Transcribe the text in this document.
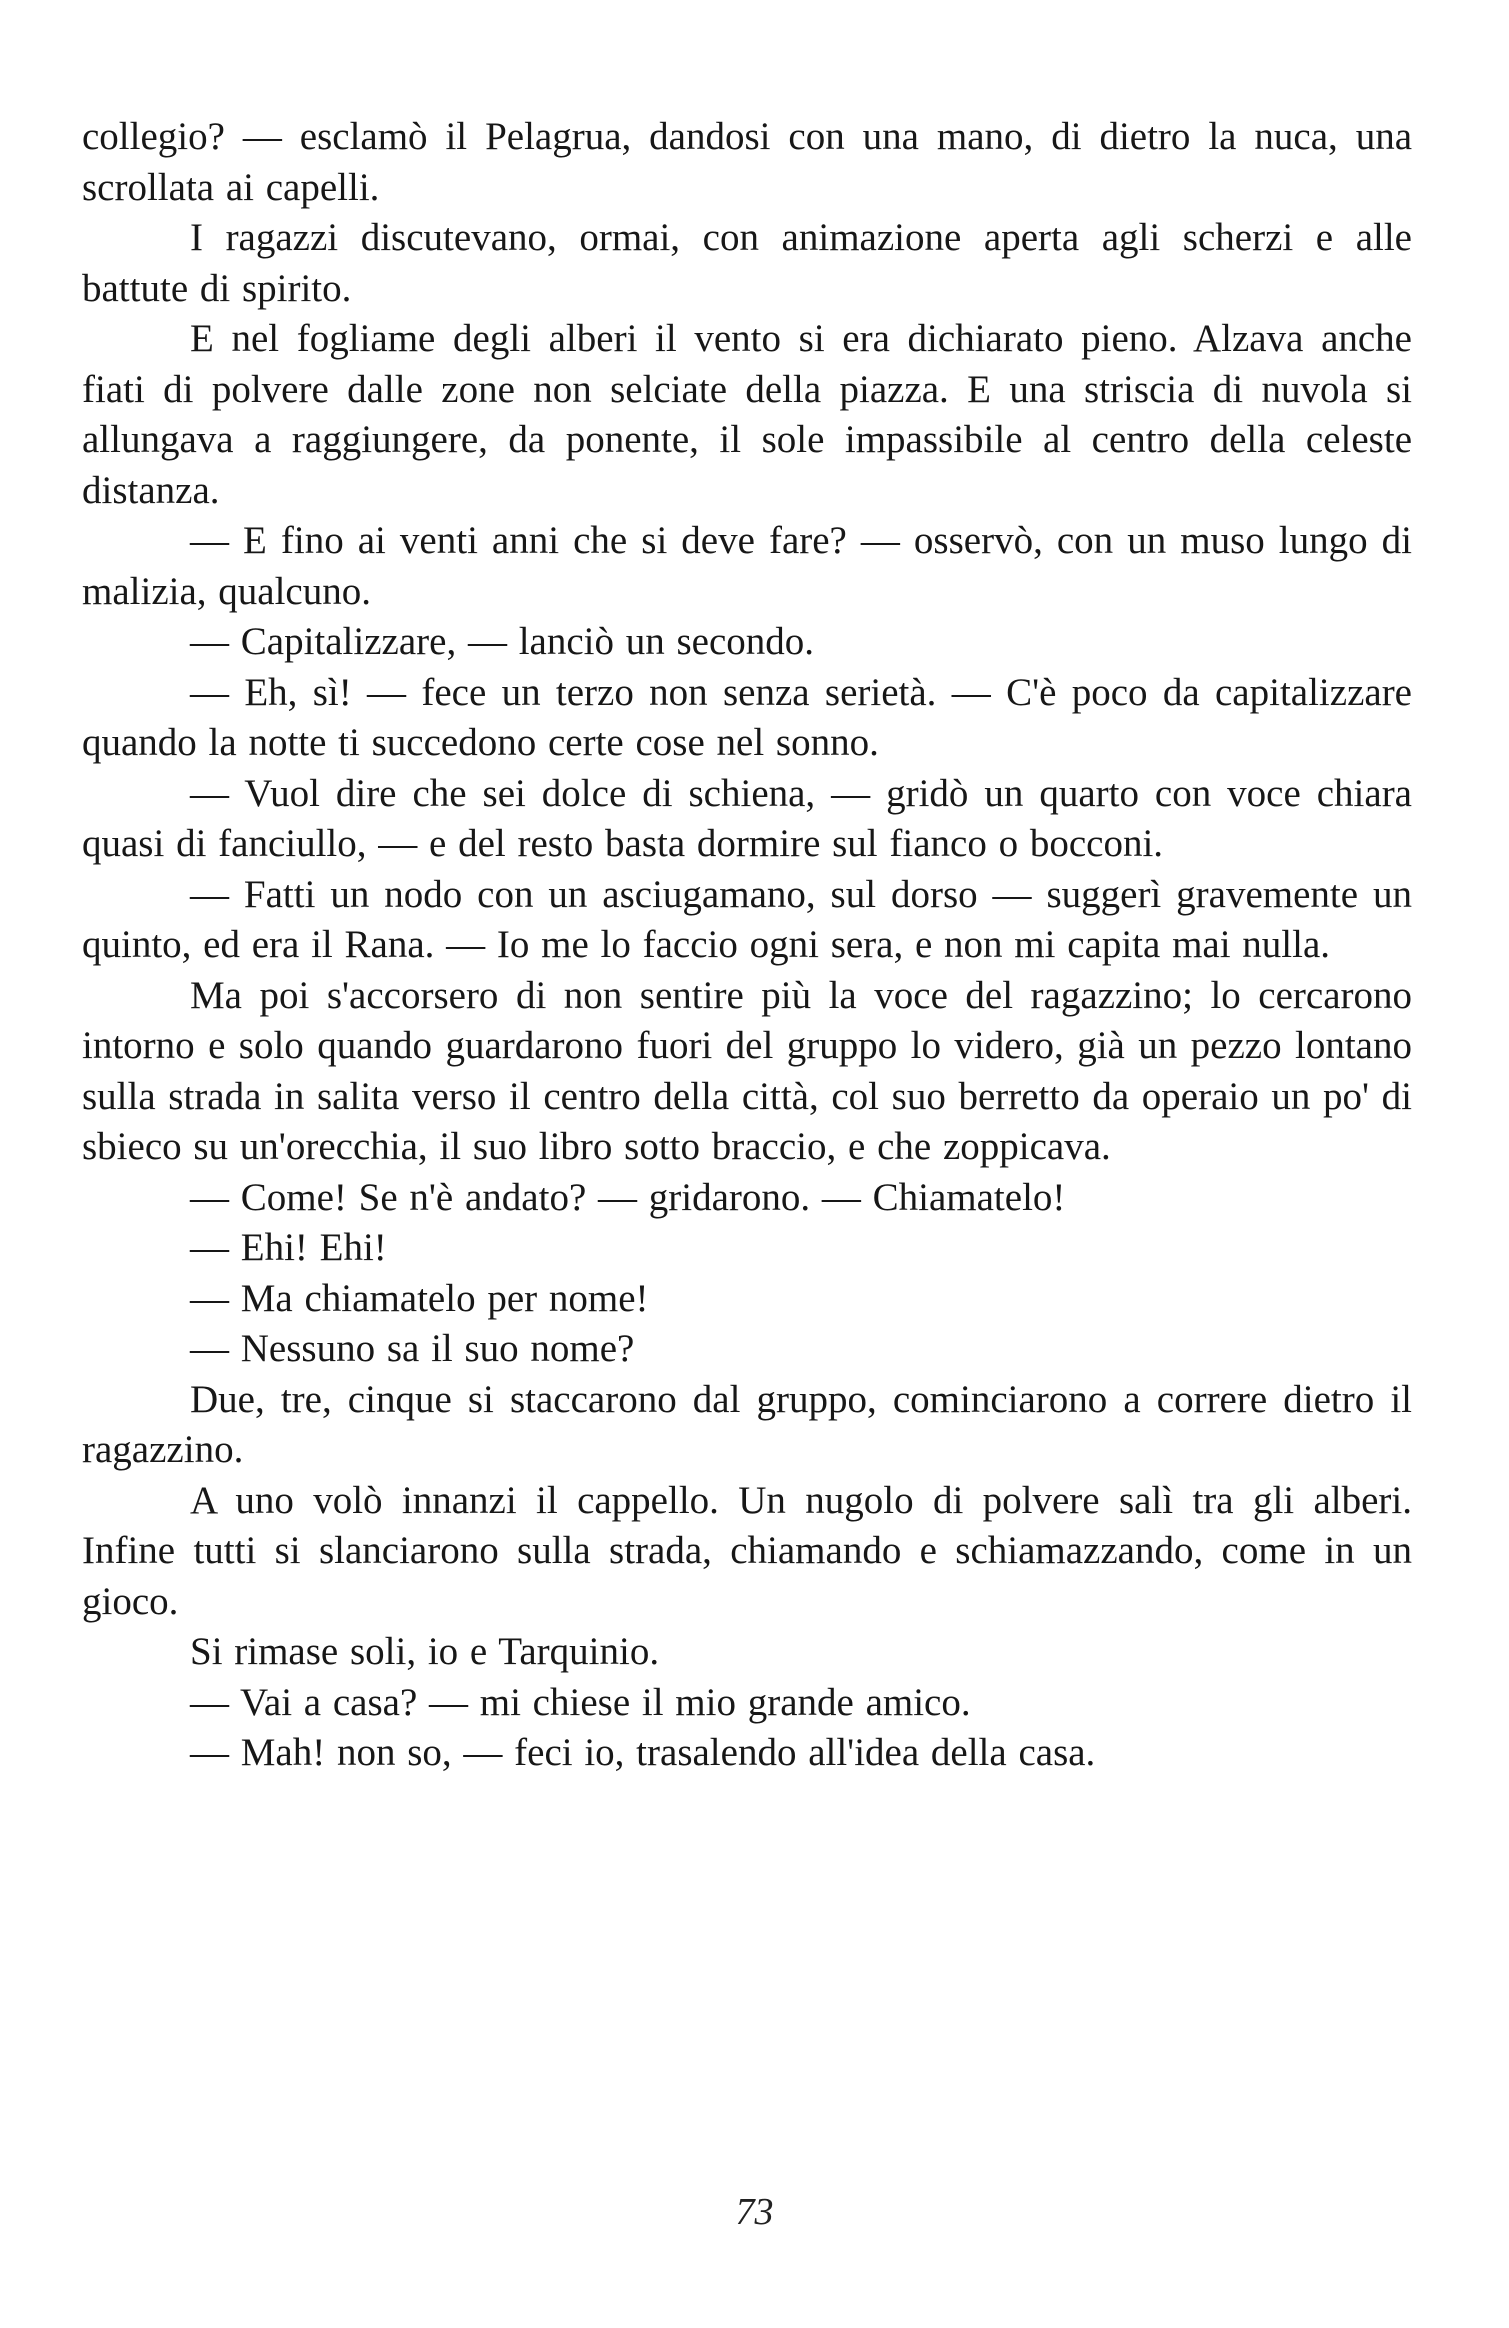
collegio? — esclamò il Pelagrua, dandosi con una mano, di dietro la nuca, una scrollata ai capelli.

I ragazzi discutevano, ormai, con animazione aperta agli scherzi e alle battute di spirito.

E nel fogliame degli alberi il vento si era dichiarato pieno. Alzava anche fiati di polvere dalle zone non selciate della piazza. E una striscia di nuvola si allungava a raggiungere, da ponente, il sole impassibile al centro della celeste distanza.

— E fino ai venti anni che si deve fare? — osservò, con un muso lungo di malizia, qualcuno.

— Capitalizzare, — lanciò un secondo.

— Eh, sì! — fece un terzo non senza serietà. — C'è poco da capitalizzare quando la notte ti succedono certe cose nel sonno.

— Vuol dire che sei dolce di schiena, — gridò un quarto con voce chiara quasi di fanciullo, — e del resto basta dormire sul fianco o bocconi.

— Fatti un nodo con un asciugamano, sul dorso — suggerì gravemente un quinto, ed era il Rana. — Io me lo faccio ogni sera, e non mi capita mai nulla.

Ma poi s'accorsero di non sentire più la voce del ragazzino; lo cercarono intorno e solo quando guardarono fuori del gruppo lo videro, già un pezzo lontano sulla strada in salita verso il centro della città, col suo berretto da operaio un po' di sbieco su un'orecchia, il suo libro sotto braccio, e che zoppicava.

— Come! Se n'è andato? — gridarono. — Chiamatelo!

— Ehi! Ehi!

— Ma chiamatelo per nome!

— Nessuno sa il suo nome?

Due, tre, cinque si staccarono dal gruppo, cominciarono a correre dietro il ragazzino.

A uno volò innanzi il cappello. Un nugolo di polvere salì tra gli alberi. Infine tutti si slanciarono sulla strada, chiamando e schiamazzando, come in un gioco.

Si rimase soli, io e Tarquinio.

— Vai a casa? — mi chiese il mio grande amico.

— Mah! non so, — feci io, trasalendo all'idea della casa.

73
